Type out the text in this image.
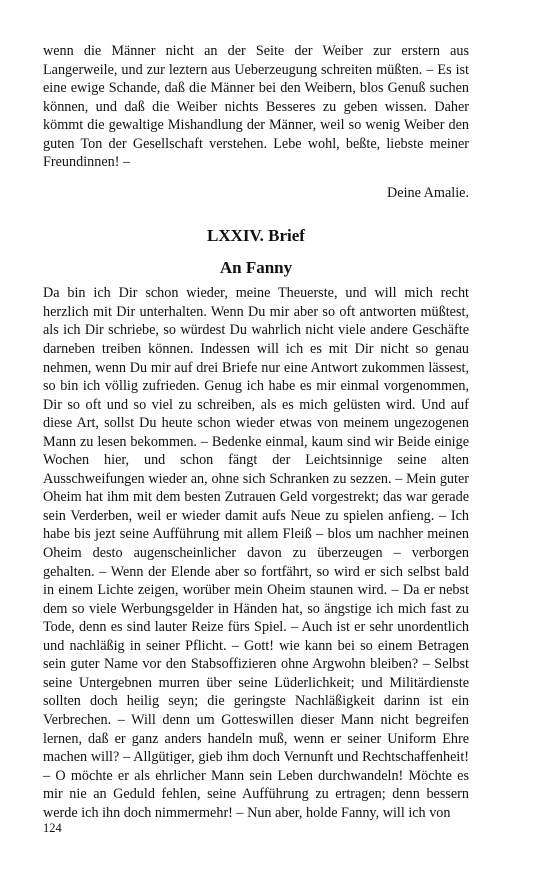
wenn die Männer nicht an der Seite der Weiber zur erstern aus Langerweile, und zur leztern aus Ueberzeugung schreiten müßten. – Es ist eine ewige Schande, daß die Männer bei den Weibern, blos Genuß suchen können, und daß die Weiber nichts Besseres zu geben wissen. Daher kömmt die gewaltige Mishandlung der Männer, weil so wenig Weiber den guten Ton der Gesellschaft verstehen. Lebe wohl, beßte, liebste meiner Freundinnen! –

Deine Amalie.

LXXIV. Brief
An Fanny

Da bin ich Dir schon wieder, meine Theuerste, und will mich recht herzlich mit Dir unterhalten. Wenn Du mir aber so oft antworten müßtest, als ich Dir schriebe, so würdest Du wahrlich nicht viele andere Geschäfte darneben treiben können. Indessen will ich es mit Dir nicht so genau nehmen, wenn Du mir auf drei Briefe nur eine Antwort zukommen lässest, so bin ich völlig zufrieden. Genug ich habe es mir einmal vorgenommen, Dir so oft und so viel zu schreiben, als es mich gelüsten wird. Und auf diese Art, sollst Du heute schon wieder etwas von meinem ungezogenen Mann zu lesen bekommen. – Bedenke einmal, kaum sind wir Beide einige Wochen hier, und schon fängt der Leichtsinnige seine alten Ausschweifungen wieder an, ohne sich Schranken zu sezzen. – Mein guter Oheim hat ihm mit dem besten Zutrauen Geld vorgestrekt; das war gerade sein Verderben, weil er wieder damit aufs Neue zu spielen anfieng. – Ich habe bis jezt seine Aufführung mit allem Fleiß – blos um nachher meinen Oheim desto augenscheinlicher davon zu überzeugen – verborgen gehalten. – Wenn der Elende aber so fortfährt, so wird er sich selbst bald in einem Lichte zeigen, worüber mein Oheim staunen wird. – Da er nebst dem so viele Werbungsgelder in Händen hat, so ängstige ich mich fast zu Tode, denn es sind lauter Reize fürs Spiel. – Auch ist er sehr unordentlich und nachläßig in seiner Pflicht. – Gott! wie kann bei so einem Betragen sein guter Name vor den Stabsoffizieren ohne Argwohn bleiben? – Selbst seine Untergebnen murren über seine Lüderlichkeit; und Militärdienste sollten doch heilig seyn; die geringste Nachläßigkeit darinn ist ein Verbrechen. – Will denn um Gotteswillen dieser Mann nicht begreifen lernen, daß er ganz anders handeln muß, wenn er seiner Uniform Ehre machen will? – Allgütiger, gieb ihm doch Vernunft und Rechtschaffenheit! – O möchte er als ehrlicher Mann sein Leben durchwandeln! Möchte es mir nie an Geduld fehlen, seine Aufführung zu ertragen; denn bessern werde ich ihn doch nimmermehr! – Nun aber, holde Fanny, will ich von

124
